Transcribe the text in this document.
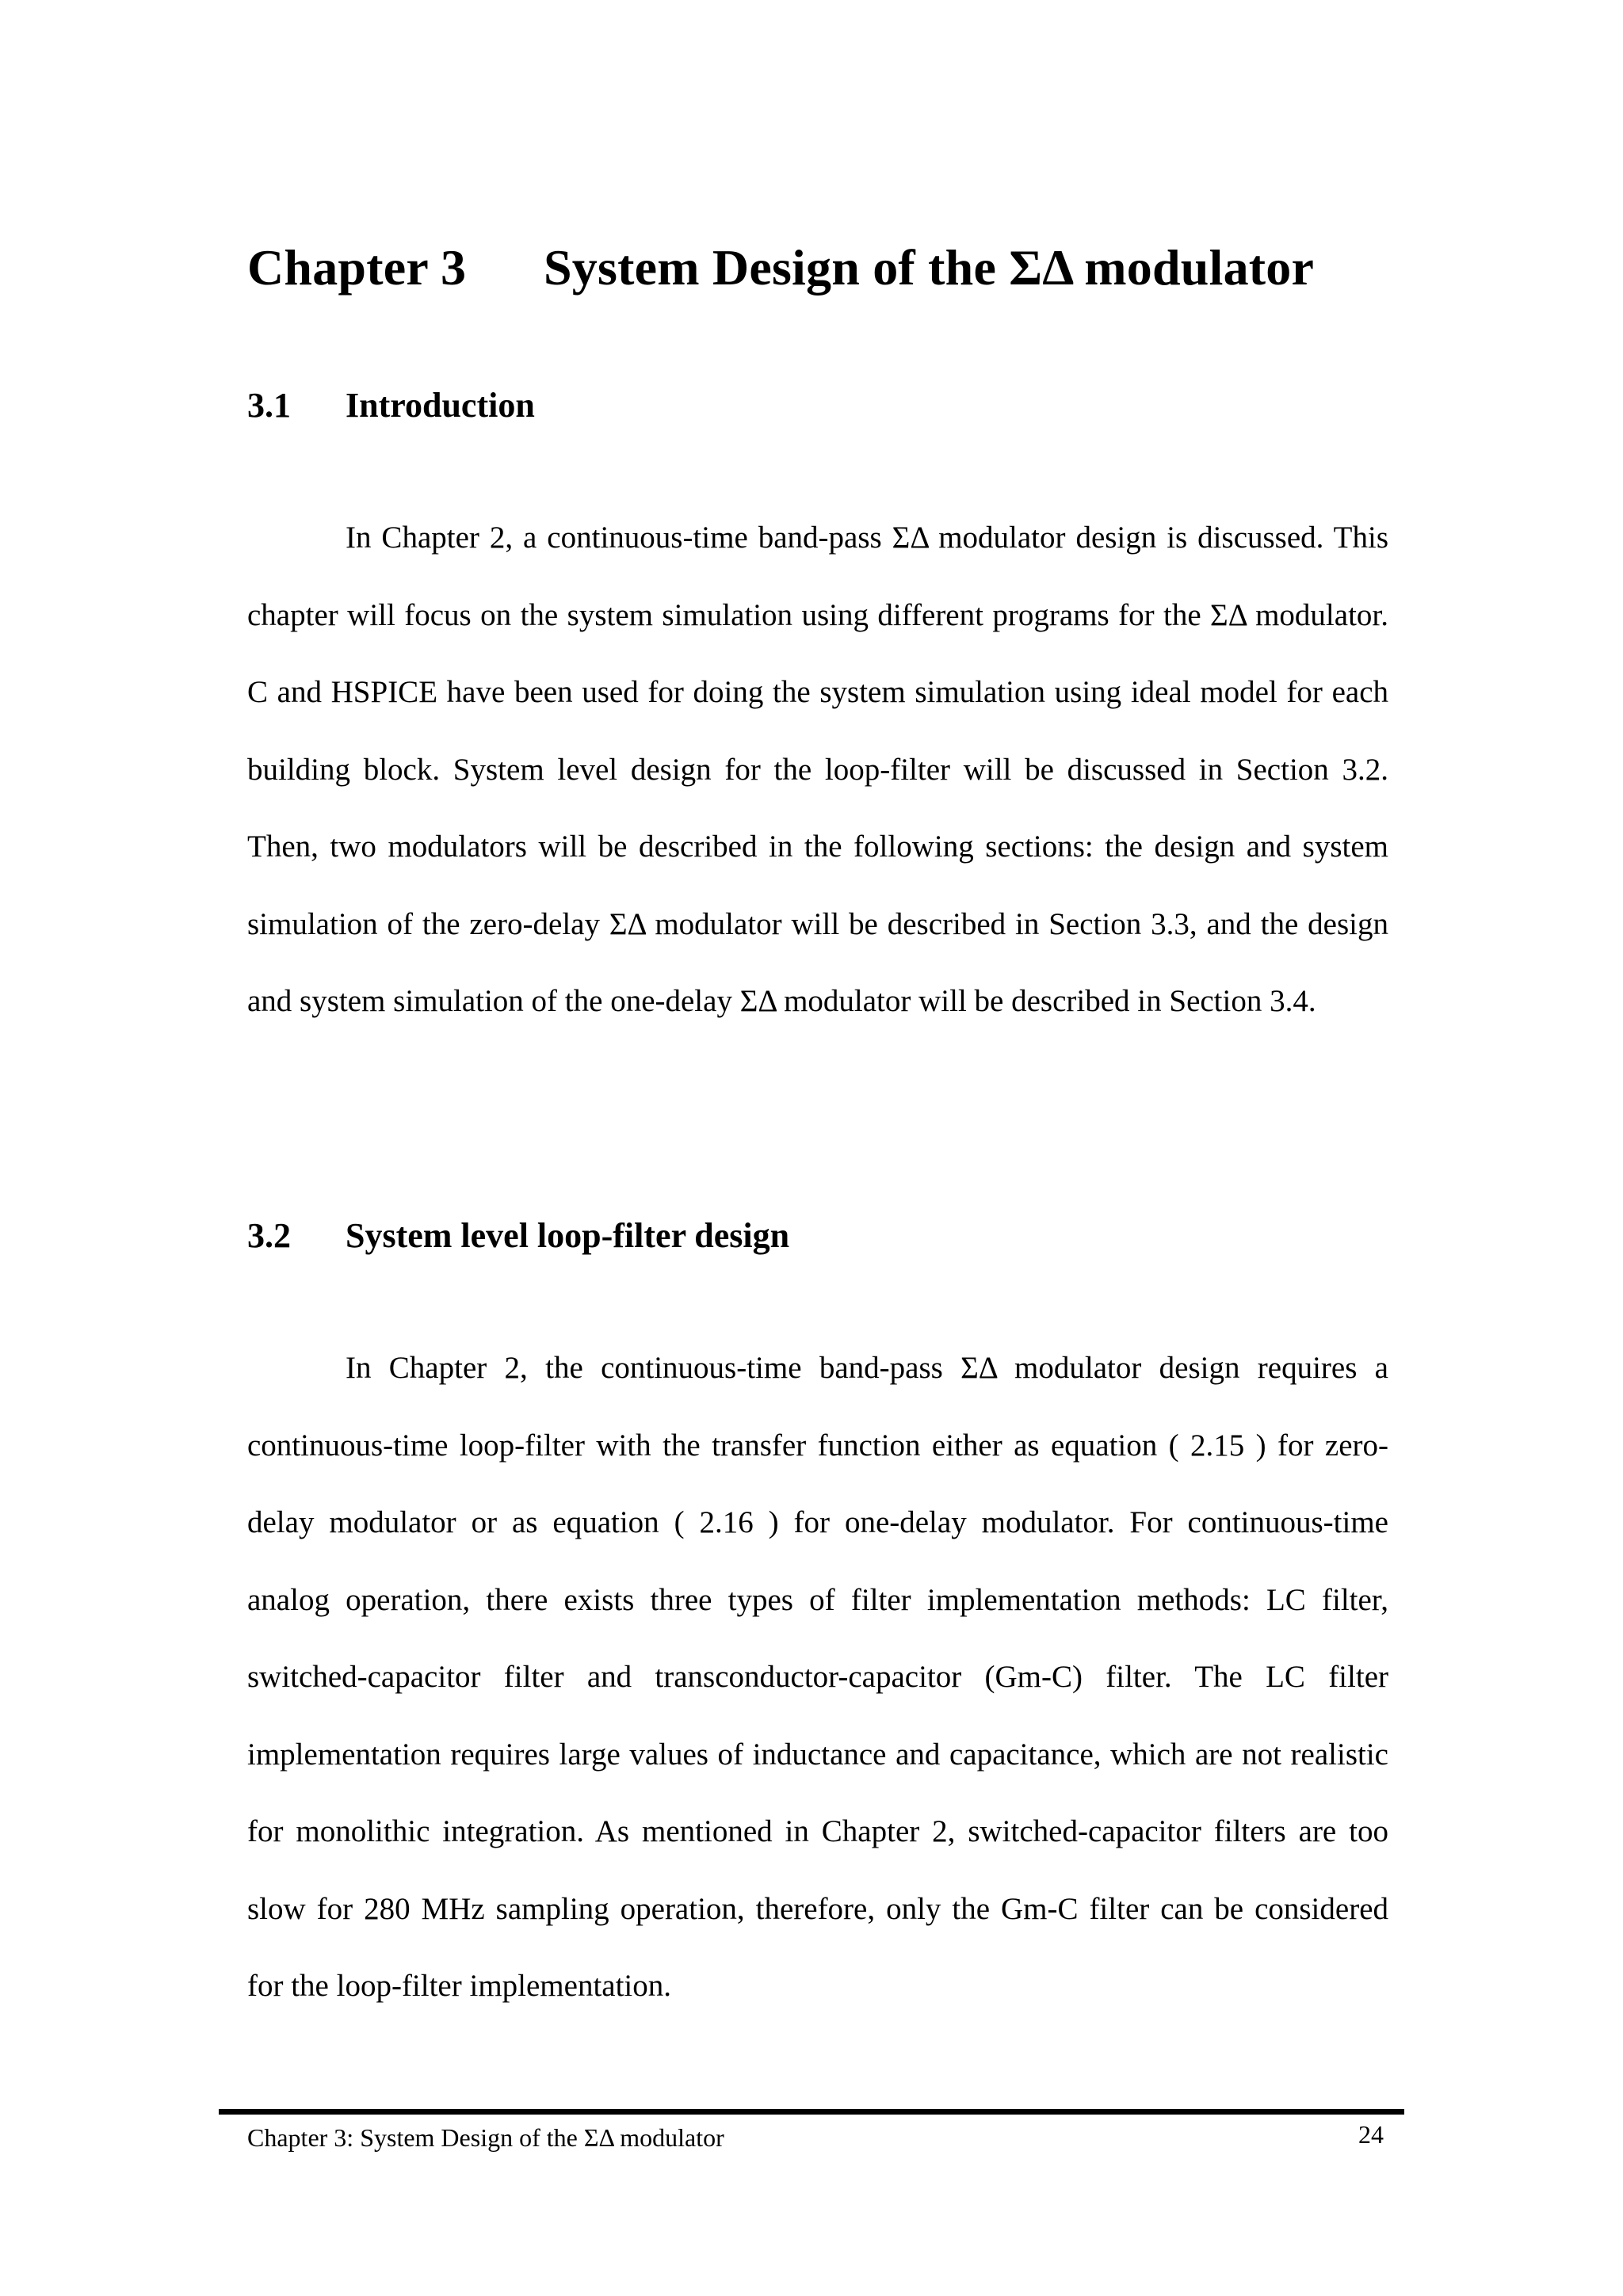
Chapter 3 System Design of the ΣΔ modulator
3.1 Introduction

In Chapter 2, a continuous-time band-pass ΣΔ modulator design is discussed. This chapter will focus on the system simulation using different programs for the ΣΔ modulator. C and HSPICE have been used for doing the system simulation using ideal model for each building block. System level design for the loop-filter will be discussed in Section 3.2. Then, two modulators will be described in the following sections: the design and system simulation of the zero-delay ΣΔ modulator will be described in Section 3.3, and the design and system simulation of the one-delay ΣΔ modulator will be described in Section 3.4.

3.2 System level loop-filter design

In Chapter 2, the continuous-time band-pass ΣΔ modulator design requires a continuous-time loop-filter with the transfer function either as equation ( 2.15 ) for zero-delay modulator or as equation ( 2.16 ) for one-delay modulator. For continuous-time analog operation, there exists three types of filter implementation methods: LC filter, switched-capacitor filter and transconductor-capacitor (Gm-C) filter. The LC filter implementation requires large values of inductance and capacitance, which are not realistic for monolithic integration. As mentioned in Chapter 2, switched-capacitor filters are too slow for 280 MHz sampling operation, therefore, only the Gm-C filter can be considered for the loop-filter implementation.

Chapter 3: System Design of the ΣΔ modulator	24
